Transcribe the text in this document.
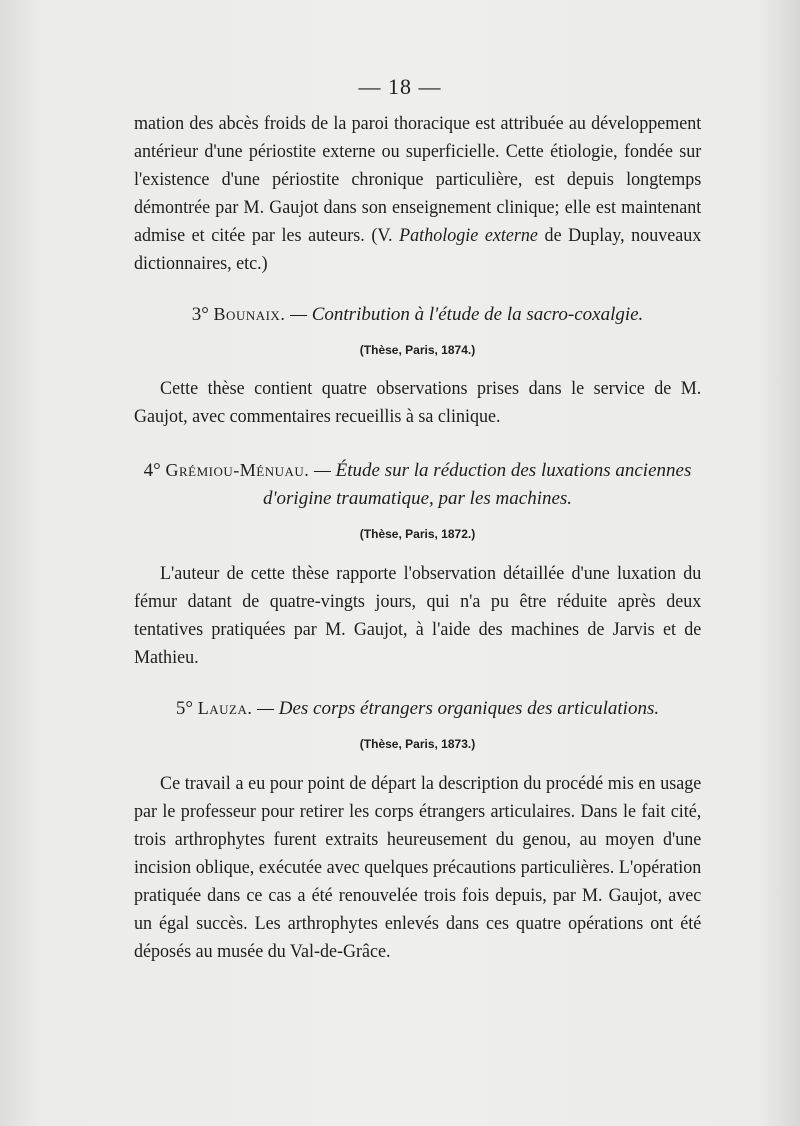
— 18 —
mation des abcès froids de la paroi thoracique est attribuée au développement antérieur d'une périostite externe ou superficielle. Cette étiologie, fondée sur l'existence d'une périostite chronique particulière, est depuis longtemps démontrée par M. Gaujot dans son enseignement clinique; elle est maintenant admise et citée par les auteurs. (V. Pathologie externe de Duplay, nouveaux dictionnaires, etc.)
3° Bounaix. — Contribution à l'étude de la sacro-coxalgie.
(Thèse, Paris, 1874.)
Cette thèse contient quatre observations prises dans le service de M. Gaujot, avec commentaires recueillis à sa clinique.
4° Grémiou-Ménuau. — Étude sur la réduction des luxations anciennes
d'origine traumatique, par les machines.
(Thèse, Paris, 1872.)
L'auteur de cette thèse rapporte l'observation détaillée d'une luxation du fémur datant de quatre-vingts jours, qui n'a pu être réduite après deux tentatives pratiquées par M. Gaujot, à l'aide des machines de Jarvis et de Mathieu.
5° Lauza. — Des corps étrangers organiques des articulations.
(Thèse, Paris, 1873.)
Ce travail a eu pour point de départ la description du procédé mis en usage par le professeur pour retirer les corps étrangers articulaires. Dans le fait cité, trois arthrophytes furent extraits heureusement du genou, au moyen d'une incision oblique, exécutée avec quelques précautions particulières. L'opération pratiquée dans ce cas a été renouvelée trois fois depuis, par M. Gaujot, avec un égal succès. Les arthrophytes enlevés dans ces quatre opérations ont été déposés au musée du Val-de-Grâce.
